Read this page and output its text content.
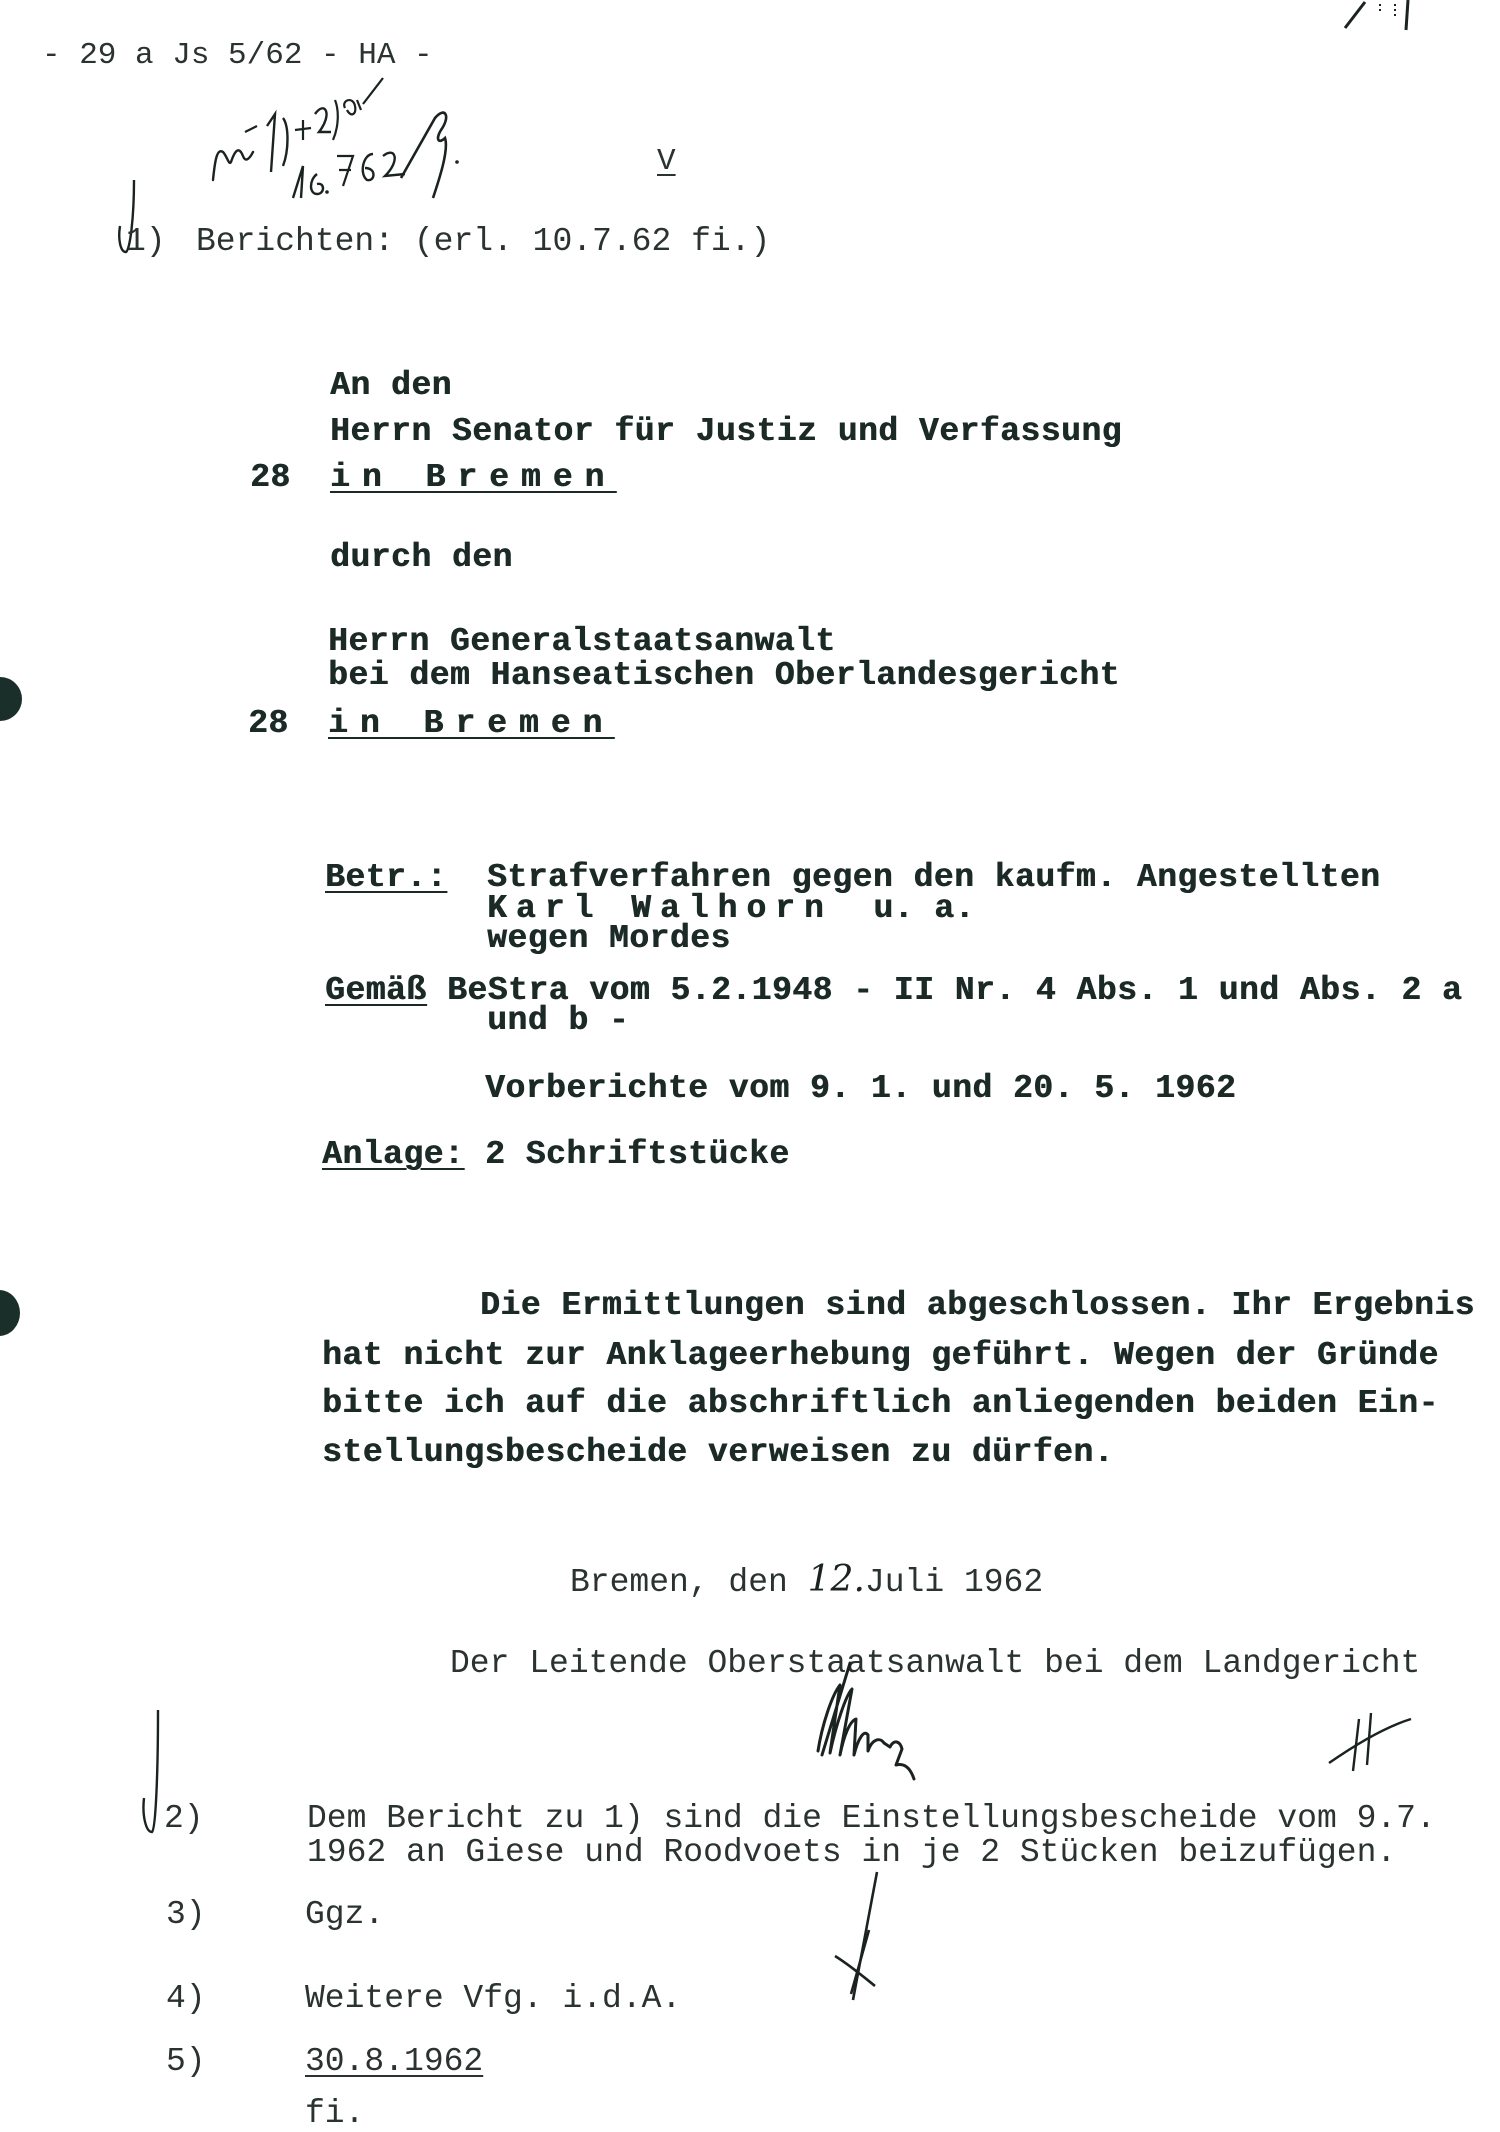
- 29 a Js 5/62 - HA -
V
1) Berichten: (erl. 10.7.62 fi.)
An den
Herrn Senator für Justiz und Verfassung
28 in Bremen
durch den
Herrn Generalstaatsanwalt
bei dem Hanseatischen Oberlandesgericht
28 in Bremen
Betr.: Strafverfahren gegen den kaufm. Angestellten
Karl Walhorn u. a.
wegen Mordes
Gemäß BeStra vom 5.2.1948 - II Nr. 4 Abs. 1 und Abs. 2 a
und b -
Vorberichte vom 9. 1. und 20. 5. 1962
Anlage: 2 Schriftstücke
Die Ermittlungen sind abgeschlossen. Ihr Ergebnis
hat nicht zur Anklageerhebung geführt. Wegen der Gründe
bitte ich auf die abschriftlich anliegenden beiden Ein-
stellungsbescheide verweisen zu dürfen.
Bremen, den 12.Juli 1962
Der Leitende Oberstaatsanwalt bei dem Landgericht
2)	Dem Bericht zu 1) sind die Einstellungsbescheide vom 9.7.
1962 an Giese und Roodvoets in je 2 Stücken beizufügen.
3)	Ggz.
4)	Weitere Vfg. i.d.A.
5)	30.8.1962
fi.
